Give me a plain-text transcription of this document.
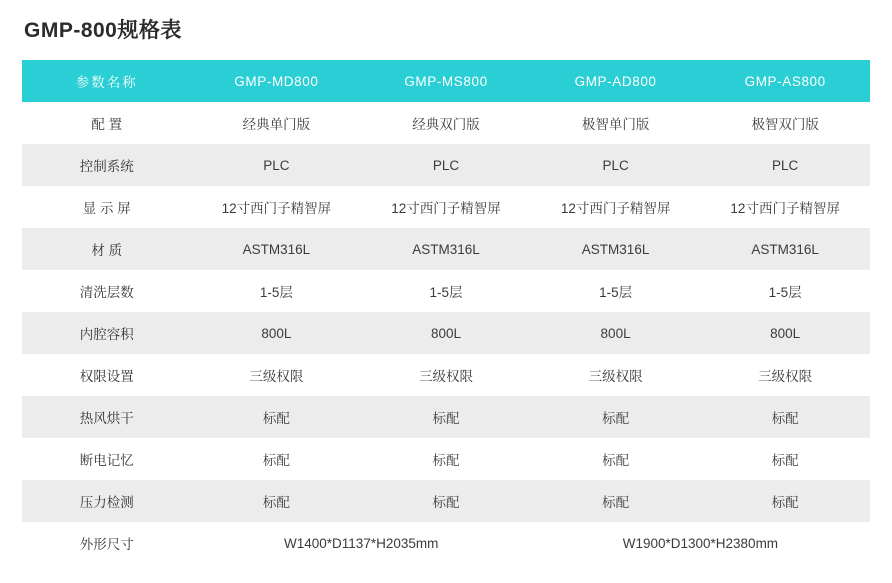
GMP-800规格表
参数名称	GMP-MD800	GMP-MS800	GMP-AD800	GMP-AS800
配 置	经典单门版	经典双门版	极智单门版	极智双门版
控制系统	PLC	PLC	PLC	PLC
显 示 屏	12寸西门子精智屏	12寸西门子精智屏	12寸西门子精智屏	12寸西门子精智屏
材 质	ASTM316L	ASTM316L	ASTM316L	ASTM316L
清洗层数	1-5层	1-5层	1-5层	1-5层
内腔容积	800L	800L	800L	800L
权限设置	三级权限	三级权限	三级权限	三级权限
热风烘干	标配	标配	标配	标配
断电记忆	标配	标配	标配	标配
压力检测	标配	标配	标配	标配
外形尺寸	W1400*D1137*H2035mm		W1900*D1300*H2380mm	
